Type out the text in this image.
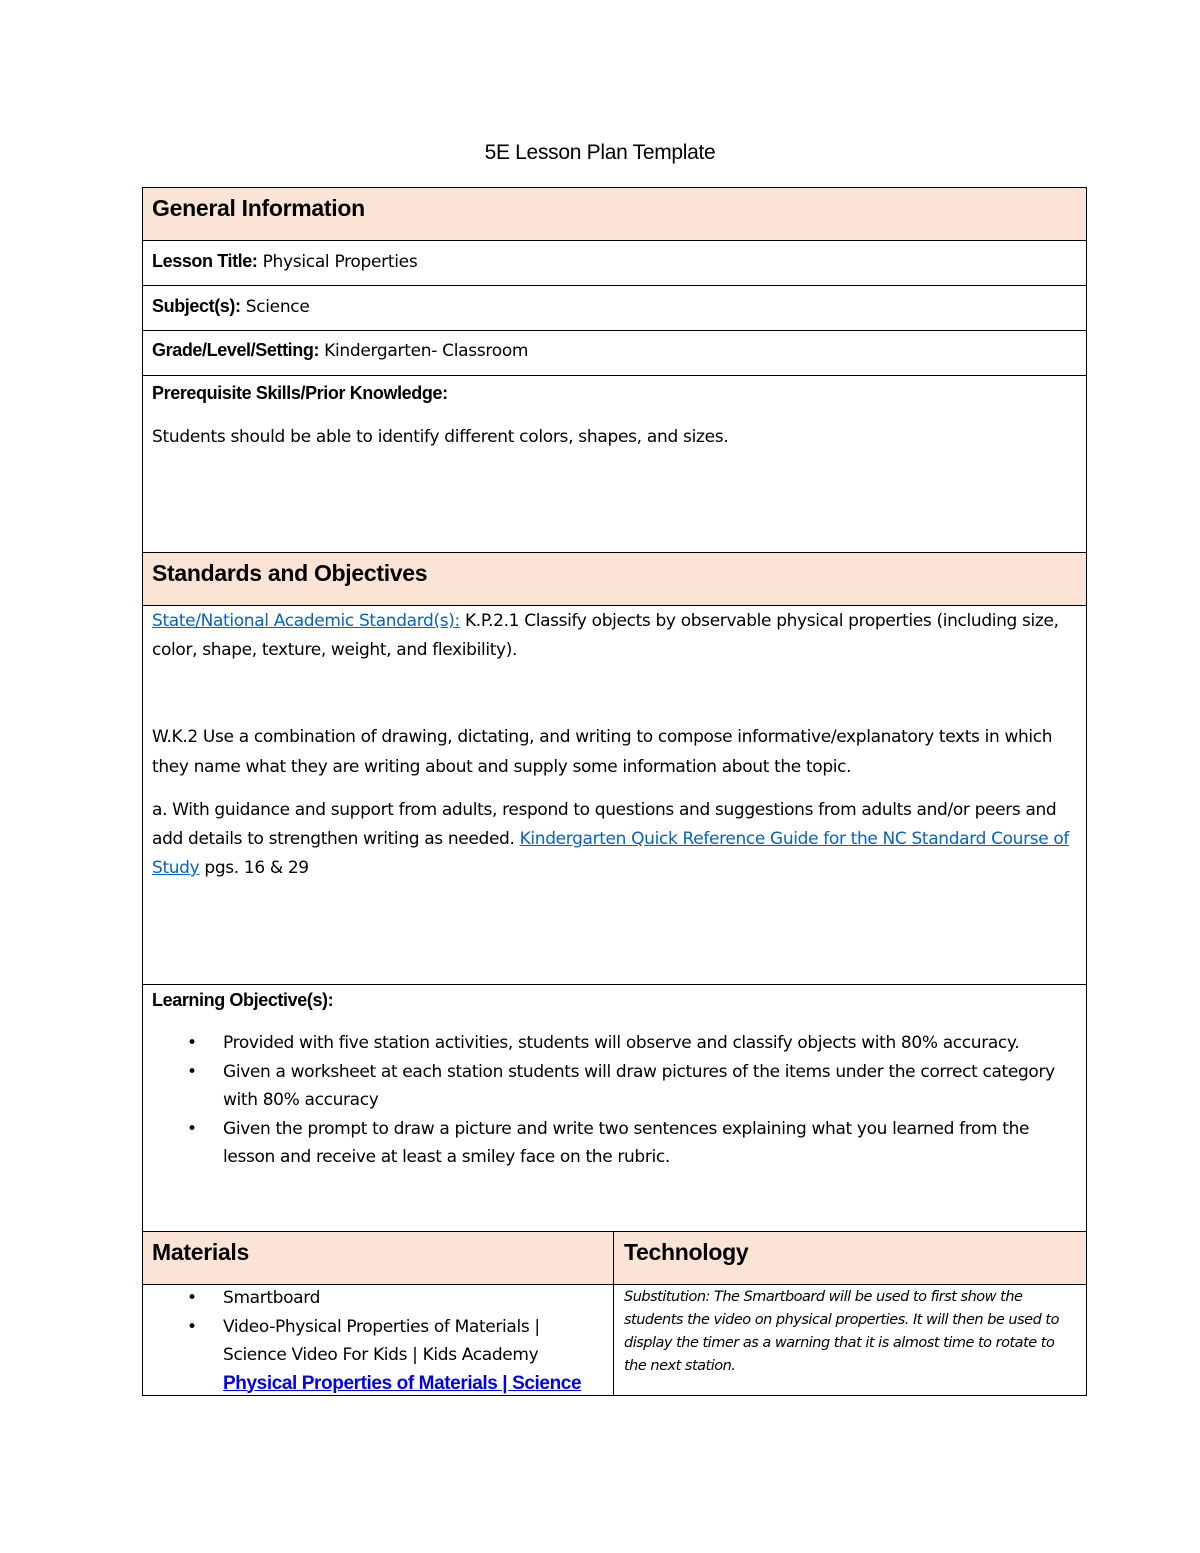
5E Lesson Plan Template
General Information
Lesson Title: Physical Properties
Subject(s): Science
Grade/Level/Setting: Kindergarten- Classroom
Prerequisite Skills/Prior Knowledge:
Students should be able to identify different colors, shapes, and sizes.
Standards and Objectives
State/National Academic Standard(s): K.P.2.1 Classify objects by observable physical properties (including size, color, shape, texture, weight, and flexibility).
W.K.2 Use a combination of drawing, dictating, and writing to compose informative/explanatory texts in which they name what they are writing about and supply some information about the topic.
a. With guidance and support from adults, respond to questions and suggestions from adults and/or peers and add details to strengthen writing as needed. Kindergarten Quick Reference Guide for the NC Standard Course of Study pgs. 16 & 29
Learning Objective(s):
• Provided with five station activities, students will observe and classify objects with 80% accuracy.
• Given a worksheet at each station students will draw pictures of the items under the correct category with 80% accuracy
• Given the prompt to draw a picture and write two sentences explaining what you learned from the lesson and receive at least a smiley face on the rubric.
Materials	Technology
• Smartboard
• Video-Physical Properties of Materials | Science Video For Kids | Kids Academy
Physical Properties of Materials | Science
Substitution: The Smartboard will be used to first show the students the video on physical properties. It will then be used to display the timer as a warning that it is almost time to rotate to the next station.
